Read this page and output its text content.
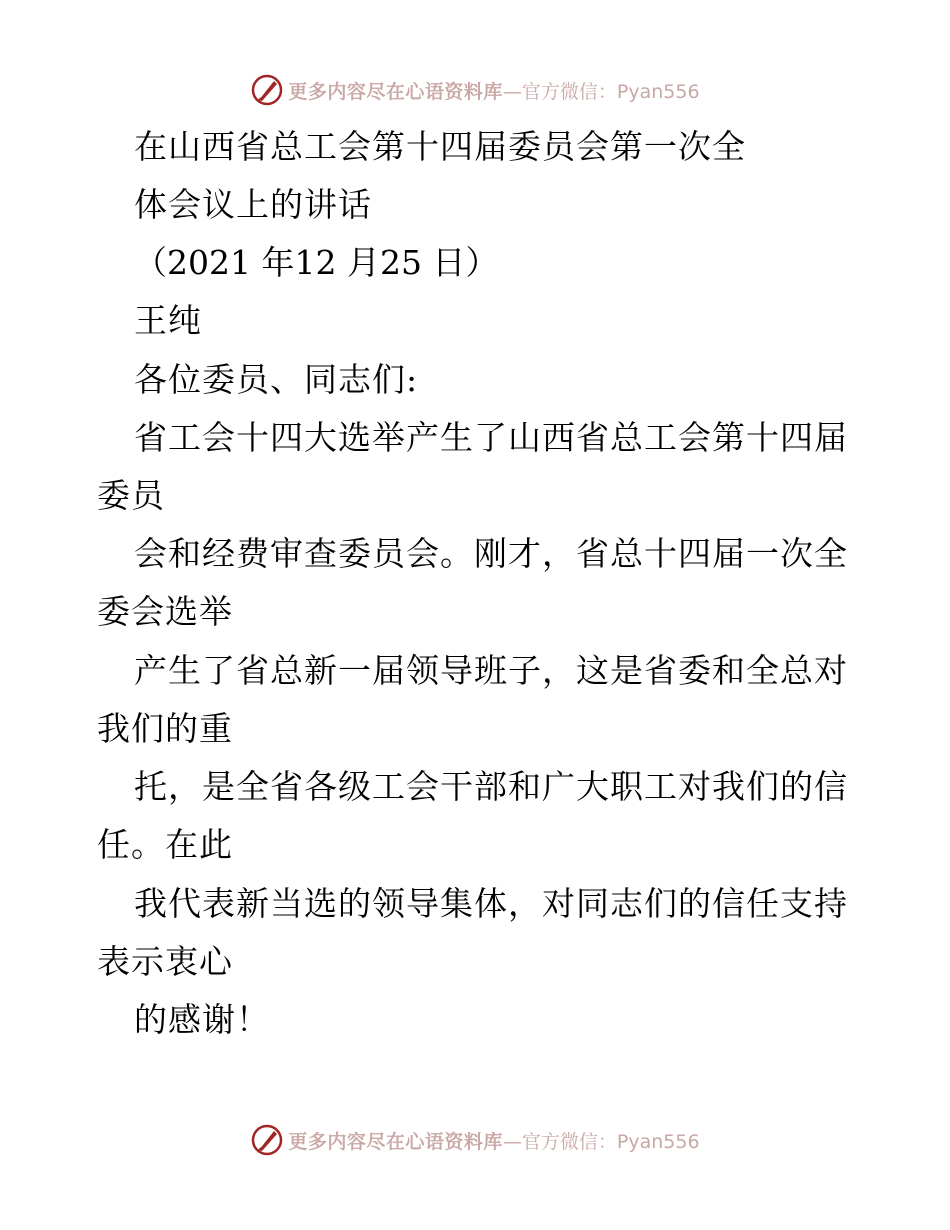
更多内容尽在心语资料库 —官方微信：Pyan556
在山西省总工会第十四届委员会第一次全
体会议上的讲话
（2021 年12 月25 日）
王纯
各位委员、同志们:
省工会十四大选举产生了山西省总工会第十四届
委员
会和经费审查委员会。刚才，省总十四届一次全
委会选举
产生了省总新一届领导班子，这是省委和全总对
我们的重
托，是全省各级工会干部和广大职工对我们的信
任。在此
我代表新当选的领导集体，对同志们的信任支持
表示衷心
的感谢！
更多内容尽在心语资料库 —官方微信：Pyan556
